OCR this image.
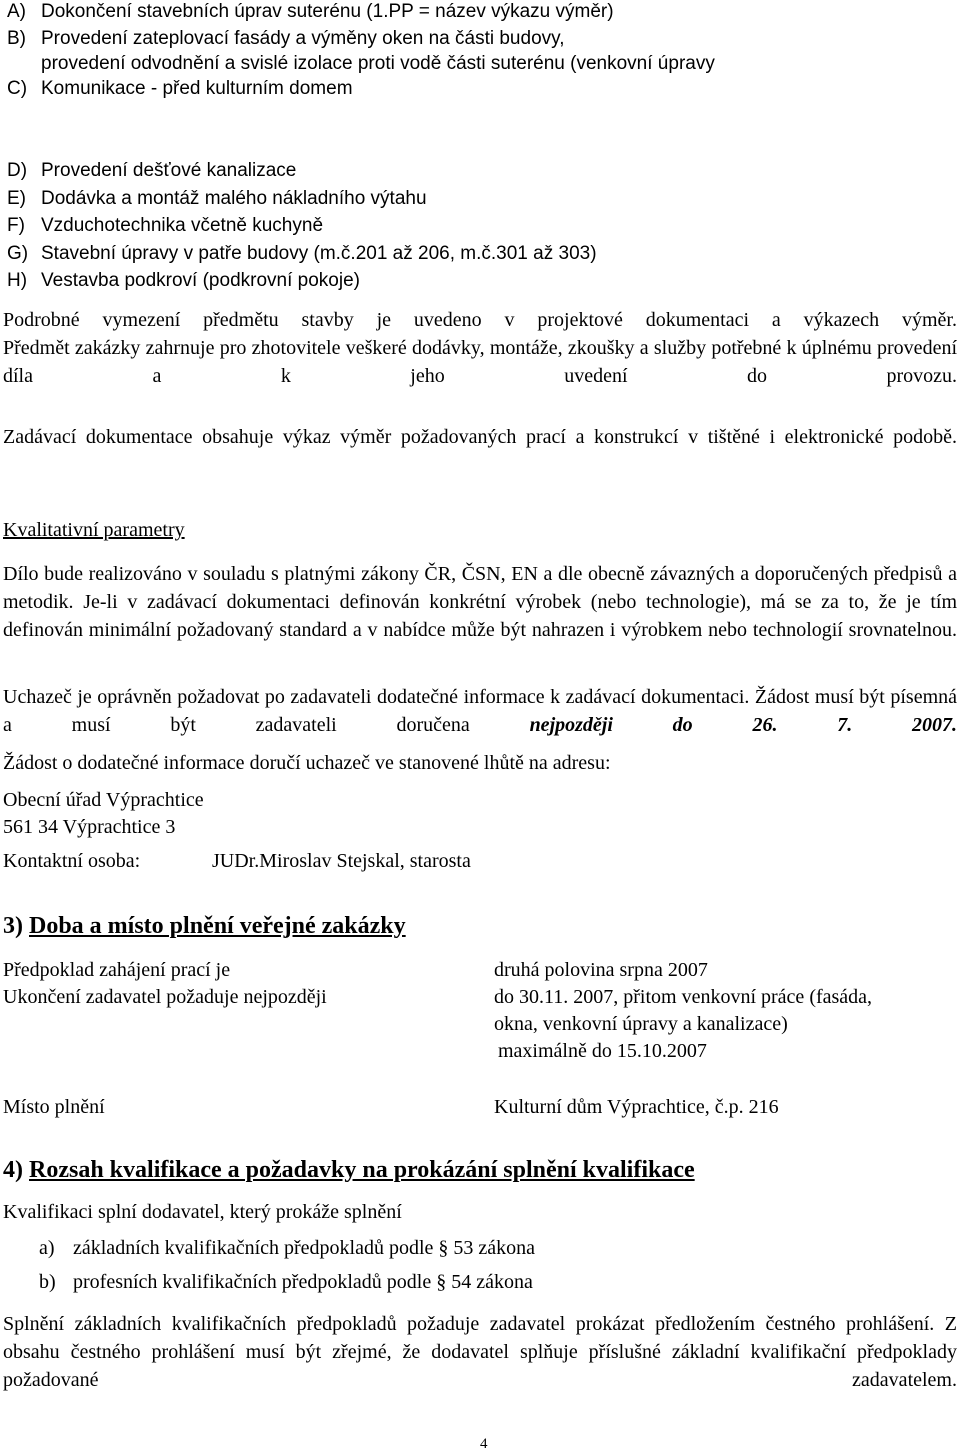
A) Dokončení stavebních úprav suterénu (1.PP = název výkazu výměr)
B) Provedení zateplovací fasády a výměny oken na části budovy,
provedení odvodnění a svislé izolace proti vodě části suterénu (venkovní úpravy
C) Komunikace - před kulturním domem
D) Provedení dešťové kanalizace
E) Dodávka a montáž malého nákladního výtahu
F) Vzduchotechnika včetně kuchyně
G) Stavební úpravy v patře budovy (m.č.201 až 206, m.č.301 až 303)
H) Vestavba podkroví (podkrovní pokoje)

Podrobné vymezení předmětu stavby je uvedeno v projektové dokumentaci a výkazech výměr.

Předmět zakázky zahrnuje pro zhotovitele veškeré dodávky, montáže, zkoušky a služby potřebné k úplnému provedení díla a k jeho uvedení do provozu.

Zadávací dokumentace obsahuje výkaz výměr požadovaných prací a konstrukcí v tištěné i elektronické podobě.

Kvalitativní parametry

Dílo bude realizováno v souladu s platnými zákony ČR, ČSN, EN a dle obecně závazných a doporučených předpisů a metodik. Je-li v zadávací dokumentaci definován konkrétní výrobek (nebo technologie), má se za to, že je tím definován minimální požadovaný standard a v nabídce může být nahrazen i výrobkem nebo technologií srovnatelnou.

Uchazeč je oprávněn požadovat po zadavateli dodatečné informace k zadávací dokumentaci. Žádost musí být písemná a musí být zadavateli doručena	nejpozději do 26. 7. 2007.

Žádost o dodatečné informace doručí uchazeč ve stanovené lhůtě na adresu:
Obecní úřad Výprachtice
561 34 Výprachtice 3
Kontaktní osoba:	JUDr.Miroslav Stejskal, starosta
3) Doba a místo plnění veřejné zakázky
Předpoklad zahájení prací je	druhá polovina srpna 2007
Ukončení zadavatel požaduje nejpozději	do 30.11. 2007, přitom venkovní práce (fasáda,
okna, venkovní úpravy a kanalizace)
maximálně do 15.10.2007
Místo plnění	Kulturní dům Výprachtice, č.p. 216
4) Rozsah kvalifikace a požadavky na prokázání splnění kvalifikace
Kvalifikaci splní dodavatel, který prokáže splnění
a) základních kvalifikačních předpokladů podle § 53 zákona
b) profesních kvalifikačních předpokladů podle § 54 zákona

Splnění základních kvalifikačních předpokladů požaduje zadavatel prokázat předložením čestného prohlášení. Z obsahu čestného prohlášení musí být zřejmé, že dodavatel splňuje příslušné základní kvalifikační předpoklady požadované zadavatelem.

4
